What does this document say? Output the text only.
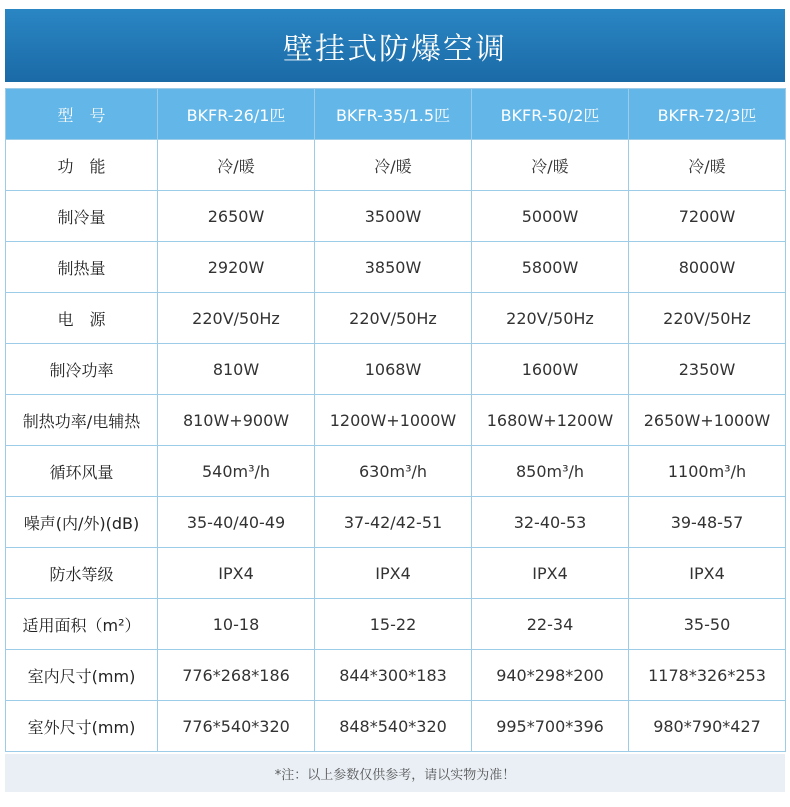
壁挂式防爆空调
型　号	BKFR-26/1匹	BKFR-35/1.5匹	BKFR-50/2匹	BKFR-72/3匹
功　能	冷/暖	冷/暖	冷/暖	冷/暖
制冷量	2650W	3500W	5000W	7200W
制热量	2920W	3850W	5800W	8000W
电　源	220V/50Hz	220V/50Hz	220V/50Hz	220V/50Hz
制冷功率	810W	1068W	1600W	2350W
制热功率/电辅热	810W+900W	1200W+1000W	1680W+1200W	2650W+1000W
循环风量	540m³/h	630m³/h	850m³/h	1100m³/h
噪声(内/外)(dB)	35-40/40-49	37-42/42-51	32-40-53	39-48-57
防水等级	IPX4	IPX4	IPX4	IPX4
适用面积（m²）	10-18	15-22	22-34	35-50
室内尺寸(mm)	776*268*186	844*300*183	940*298*200	1178*326*253
室外尺寸(mm)	776*540*320	848*540*320	995*700*396	980*790*427
*注：以上参数仅供参考，请以实物为准！
